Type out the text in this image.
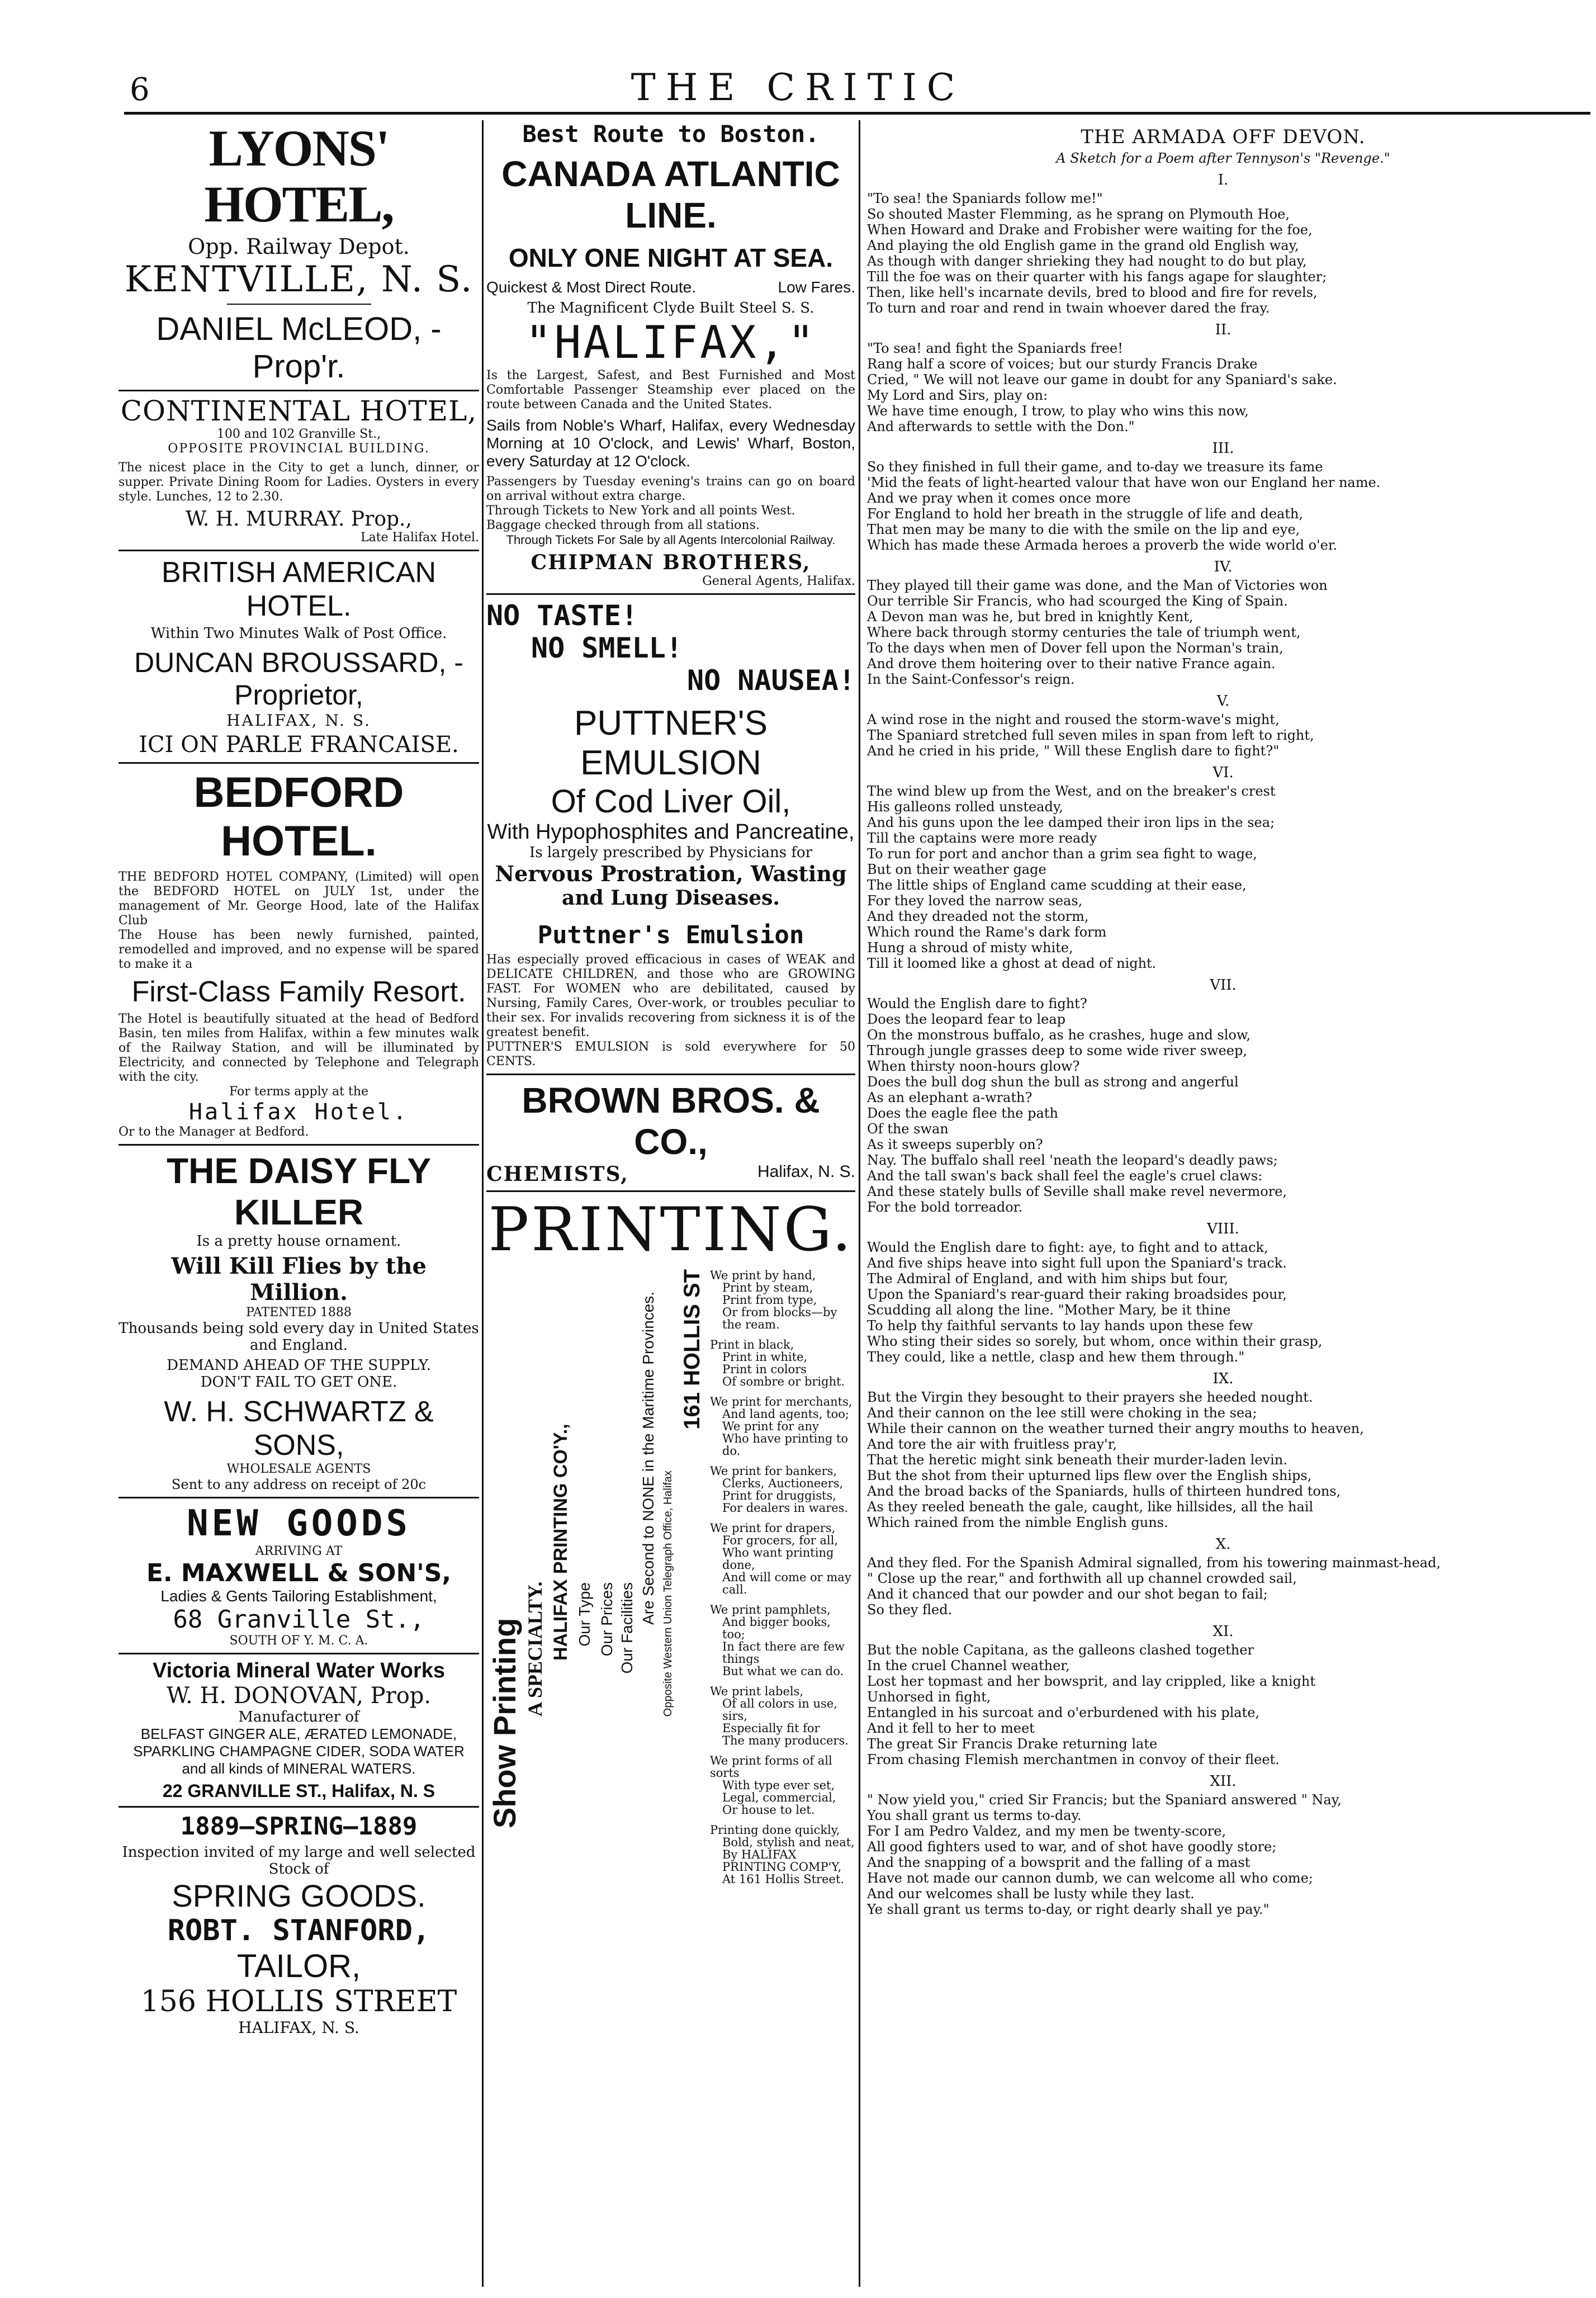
6	THE CRITIC
LYONS' HOTEL,
Opp. Railway Depot.
KENTVILLE, N. S.
DANIEL McLEOD, - Prop'r.
CONTINENTAL HOTEL,
100 and 102 Granville St.,
OPPOSITE PROVINCIAL BUILDING.
The nicest place in the City to get a lunch, dinner, or supper. Private Dining Room for Ladies. Oysters in every style. Lunches, 12 to 2.30.
W. H. MURRAY. Prop.,
Late Halifax Hotel.
BRITISH AMERICAN HOTEL.
Within Two Minutes Walk of Post Office.
DUNCAN BROUSSARD, - Proprietor,
HALIFAX, N. S.
ICI ON PARLE FRANCAISE.
BEDFORD HOTEL.
THE BEDFORD HOTEL COMPANY, (Limited) will open the BEDFORD HOTEL on JULY 1st, under the management of Mr. George Hood, late of the Halifax Club
The House has been newly furnished, painted, remodelled and improved, and no expense will be spared to make it a
First-Class Family Resort.
The Hotel is beautifully situated at the head of Bedford Basin, ten miles from Halifax, within a few minutes walk of the Railway Station, and will be illuminated by Electricity, and connected by Telephone and Telegraph with the city.
For terms apply at the
Halifax Hotel.
Or to the Manager at Bedford.
THE DAISY FLY KILLER
Is a pretty house ornament.
Will Kill Flies by the Million.
PATENTED 1888
Thousands being sold every day in United States and England.
DEMAND AHEAD OF THE SUPPLY.
DON'T FAIL TO GET ONE.
W. H. SCHWARTZ & SONS,
WHOLESALE AGENTS
Sent to any address on receipt of 20c
NEW GOODS
ARRIVING AT
E. MAXWELL & SON'S,
Ladies & Gents Tailoring Establishment,
68 Granville St.,
SOUTH OF Y. M. C. A.
Victoria Mineral Water Works
W. H. DONOVAN, Prop.
Manufacturer of
BELFAST GINGER ALE, ÆRATED LEMONADE,
SPARKLING CHAMPAGNE CIDER, SODA WATER
and all kinds of MINERAL WATERS.
22 GRANVILLE ST., Halifax, N. S
1889—SPRING—1889
Inspection invited of my large and well selected Stock of
SPRING GOODS.
ROBT. STANFORD,
TAILOR,
156 HOLLIS STREET
HALIFAX, N. S.
Best Route to Boston.
CANADA ATLANTIC LINE.
ONLY ONE NIGHT AT SEA.
Quickest & Most Direct Route.	Low Fares.
The Magnificent Clyde Built Steel S. S.
"HALIFAX,"
Is the Largest, Safest, and Best Furnished and Most Comfortable Passenger Steamship ever placed on the route between Canada and the United States.
Sails from Noble's Wharf, Halifax, every Wednesday Morning at 10 O'clock, and Lewis' Wharf, Boston, every Saturday at 12 O'clock.
Passengers by Tuesday evening's trains can go on board on arrival without extra charge.
Through Tickets to New York and all points West.
Baggage checked through from all stations.
Through Tickets For Sale by all Agents Intercolonial Railway.
CHIPMAN BROTHERS,
General Agents, Halifax.
NO TASTE!
NO SMELL!
NO NAUSEA!
PUTTNER'S EMULSION
Of Cod Liver Oil,
With Hypophosphites and Pancreatine,
Is largely prescribed by Physicians for
Nervous Prostration, Wasting
and Lung Diseases.
Puttner's Emulsion
Has especially proved efficacious in cases of WEAK and DELICATE CHILDREN, and those who are GROWING FAST. For WOMEN who are debilitated, caused by Nursing, Family Cares, Over-work, or troubles peculiar to their sex. For invalids recovering from sickness it is of the greatest benefit.
PUTTNER'S EMULSION is sold everywhere for 50 CENTS.
BROWN BROS. & CO.,
CHEMISTS,	Halifax, N. S.
PRINTING.
Show Printing A SPECIALTY. HALIFAX PRINTING CO'Y., Our Type Our Prices Our Facilities
Are Second to NONE in the Maritime Provinces. Opposite Western Union Telegraph Office, Halifax
161 HOLLIS ST We print by hand,
Print by steam,
Print from type,
Or from blocks—by the ream.
Print in black,
Print in white,
Print in colors
Of sombre or bright.
We print for merchants,
And land agents, too;
We print for any
Who have printing to do.
We print for bankers,
Clerks, Auctioneers,
Print for druggists,
For dealers in wares.
We print for drapers,
For grocers, for all,
Who want printing done,
And will come or may call.
We print pamphlets,
And bigger books, too;
In fact there are few things
But what we can do.
We print labels,
Of all colors in use, sirs,
Especially fit for
The many producers.
We print forms of all sorts
With type ever set,
Legal, commercial,
Or house to let.
Printing done quickly,
Bold, stylish and neat,
By HALIFAX PRINTING COMP'Y,
At 161 Hollis Street.
THE ARMADA OFF DEVON.
A Sketch for a Poem after Tennyson's "Revenge."
I.
"To sea! the Spaniards follow me!"
So shouted Master Flemming, as he sprang on Plymouth Hoe,
When Howard and Drake and Frobisher were waiting for the foe,
And playing the old English game in the grand old English way,
As though with danger shrieking they had nought to do but play,
Till the foe was on their quarter with his fangs agape for slaughter;
Then, like hell's incarnate devils, bred to blood and fire for revels,
To turn and roar and rend in twain whoever dared the fray.
II.
"To sea! and fight the Spaniards free!
Rang half a score of voices; but our sturdy Francis Drake
Cried, " We will not leave our game in doubt for any Spaniard's sake.
My Lord and Sirs, play on:
We have time enough, I trow, to play who wins this now,
And afterwards to settle with the Don."
III.
So they finished in full their game, and to-day we treasure its fame
'Mid the feats of light-hearted valour that have won our England her name.
And we pray when it comes once more
For England to hold her breath in the struggle of life and death,
That men may be many to die with the smile on the lip and eye,
Which has made these Armada heroes a proverb the wide world o'er.
IV.
They played till their game was done, and the Man of Victories won
Our terrible Sir Francis, who had scourged the King of Spain.
A Devon man was he, but bred in knightly Kent,
Where back through stormy centuries the tale of triumph went,
To the days when men of Dover fell upon the Norman's train,
And drove them hoitering over to their native France again.
In the Saint-Confessor's reign.
V.
A wind rose in the night and roused the storm-wave's might,
The Spaniard stretched full seven miles in span from left to right,
And he cried in his pride, " Will these English dare to fight?"
VI.
The wind blew up from the West, and on the breaker's crest
His galleons rolled unsteady,
And his guns upon the lee damped their iron lips in the sea;
Till the captains were more ready
To run for port and anchor than a grim sea fight to wage,
But on their weather gage
The little ships of England came scudding at their ease,
For they loved the narrow seas,
And they dreaded not the storm,
Which round the Rame's dark form
Hung a shroud of misty white,
Till it loomed like a ghost at dead of night.
VII.
Would the English dare to fight?
Does the leopard fear to leap
On the monstrous buffalo, as he crashes, huge and slow,
Through jungle grasses deep to some wide river sweep,
When thirsty noon-hours glow?
Does the bull dog shun the bull as strong and angerful
As an elephant a-wrath?
Does the eagle flee the path
Of the swan
As it sweeps superbly on?
Nay. The buffalo shall reel 'neath the leopard's deadly paws;
And the tall swan's back shall feel the eagle's cruel claws:
And these stately bulls of Seville shall make revel nevermore,
For the bold torreador.
VIII.
Would the English dare to fight: aye, to fight and to attack,
And five ships heave into sight full upon the Spaniard's track.
The Admiral of England, and with him ships but four,
Upon the Spaniard's rear-guard their raking broadsides pour,
Scudding all along the line. "Mother Mary, be it thine
To help thy faithful servants to lay hands upon these few
Who sting their sides so sorely, but whom, once within their grasp,
They could, like a nettle, clasp and hew them through."
IX.
But the Virgin they besought to their prayers she heeded nought.
And their cannon on the lee still were choking in the sea;
While their cannon on the weather turned their angry mouths to heaven,
And tore the air with fruitless pray'r,
That the heretic might sink beneath their murder-laden levin.
But the shot from their upturned lips flew over the English ships,
And the broad backs of the Spaniards, hulls of thirteen hundred tons,
As they reeled beneath the gale, caught, like hillsides, all the hail
Which rained from the nimble English guns.
X.
And they fled. For the Spanish Admiral signalled, from his towering mainmast-head,
" Close up the rear," and forthwith all up channel crowded sail,
And it chanced that our powder and our shot began to fail;
So they fled.
XI.
But the noble Capitana, as the galleons clashed together
In the cruel Channel weather,
Lost her topmast and her bowsprit, and lay crippled, like a knight
Unhorsed in fight,
Entangled in his surcoat and o'erburdened with his plate,
And it fell to her to meet
The great Sir Francis Drake returning late
From chasing Flemish merchantmen in convoy of their fleet.
XII.
" Now yield you," cried Sir Francis; but the Spaniard answered " Nay,
You shall grant us terms to-day.
For I am Pedro Valdez, and my men be twenty-score,
All good fighters used to war, and of shot have goodly store;
And the snapping of a bowsprit and the falling of a mast
Have not made our cannon dumb, we can welcome all who come;
And our welcomes shall be lusty while they last.
Ye shall grant us terms to-day, or right dearly shall ye pay."
